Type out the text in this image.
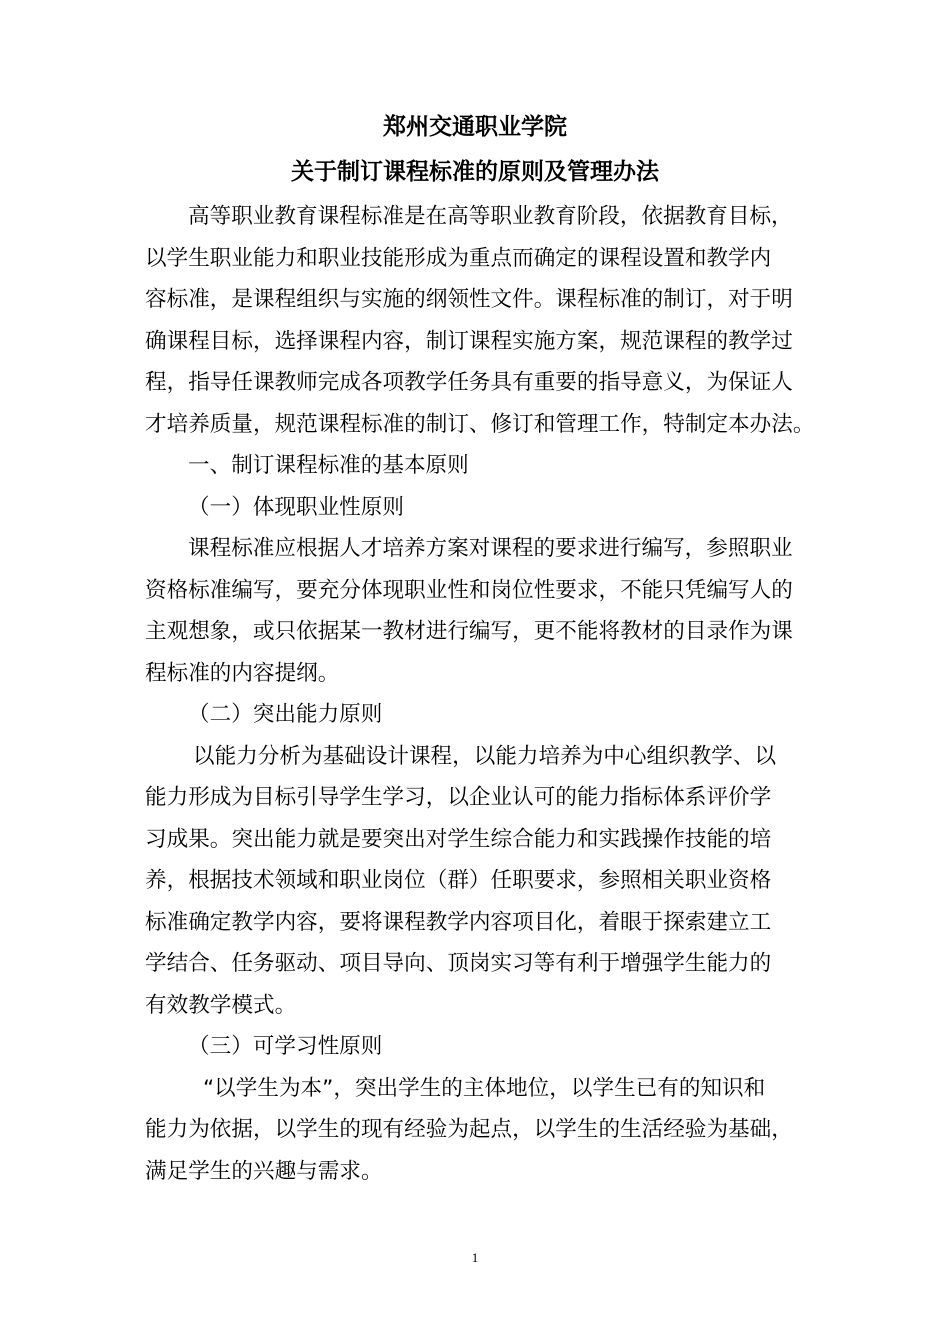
郑州交通职业学院
关于制订课程标准的原则及管理办法
高等职业教育课程标准是在高等职业教育阶段，依据教育目标，
以学生职业能力和职业技能形成为重点而确定的课程设置和教学内
容标准，是课程组织与实施的纲领性文件。课程标准的制订，对于明
确课程目标，选择课程内容，制订课程实施方案，规范课程的教学过
程，指导任课教师完成各项教学任务具有重要的指导意义，为保证人
才培养质量，规范课程标准的制订、修订和管理工作，特制定本办法。
一、制订课程标准的基本原则
（一）体现职业性原则
课程标准应根据人才培养方案对课程的要求进行编写，参照职业
资格标准编写，要充分体现职业性和岗位性要求，不能只凭编写人的
主观想象，或只依据某一教材进行编写，更不能将教材的目录作为课
程标准的内容提纲。
（二）突出能力原则
以能力分析为基础设计课程，以能力培养为中心组织教学、以
能力形成为目标引导学生学习，以企业认可的能力指标体系评价学
习成果。突出能力就是要突出对学生综合能力和实践操作技能的培
养，根据技术领域和职业岗位（群）任职要求，参照相关职业资格
标准确定教学内容，要将课程教学内容项目化，着眼于探索建立工
学结合、任务驱动、项目导向、顶岗实习等有利于增强学生能力的
有效教学模式。
（三）可学习性原则
“以学生为本”，突出学生的主体地位，以学生已有的知识和
能力为依据，以学生的现有经验为起点，以学生的生活经验为基础，
满足学生的兴趣与需求。
1
